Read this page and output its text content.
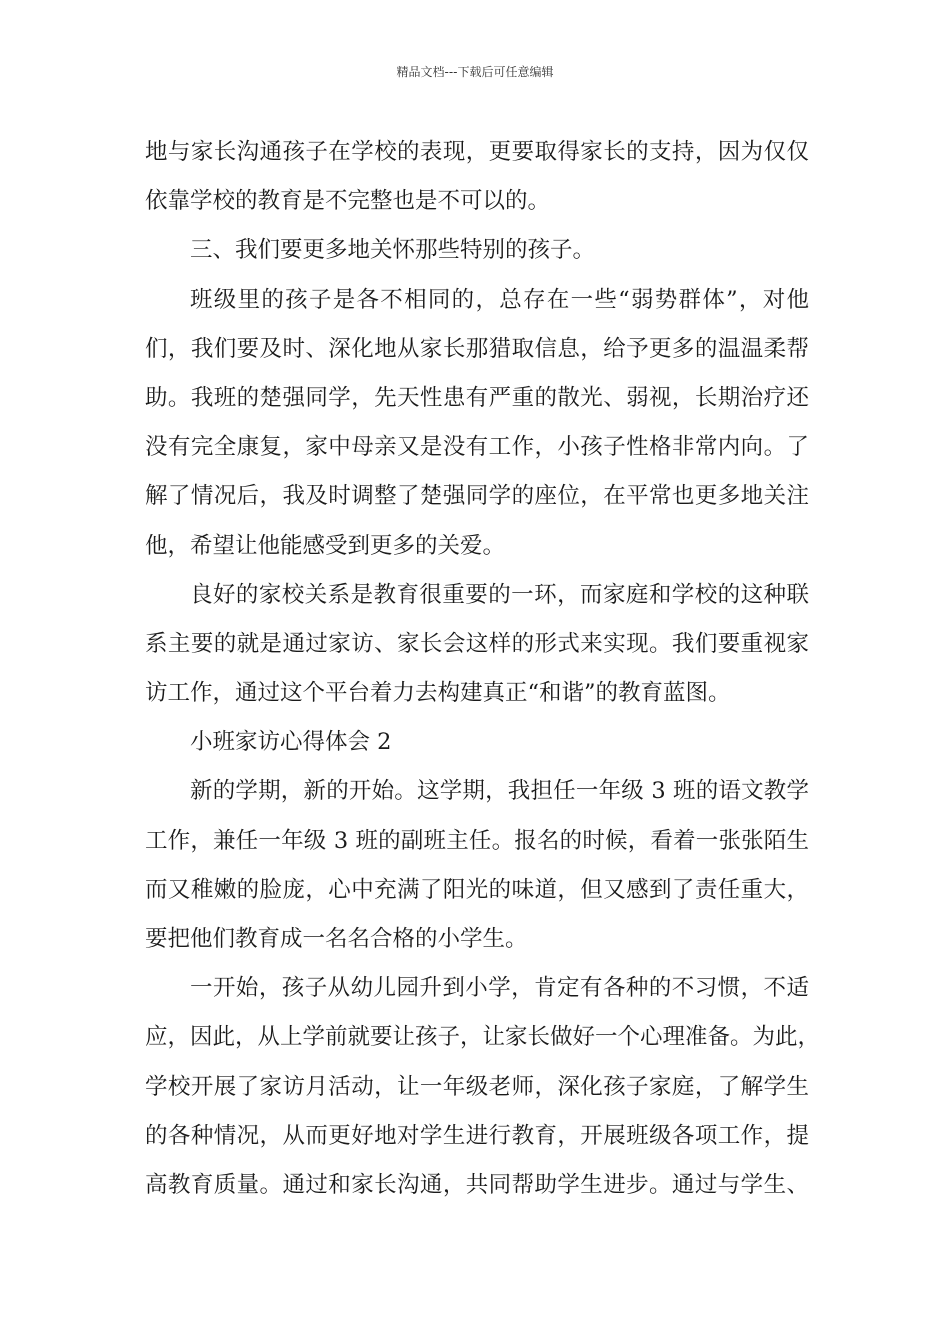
精品文档---下载后可任意编辑
地与家长沟通孩子在学校的表现，更要取得家长的支持，因为仅仅
依靠学校的教育是不完整也是不可以的。
三、我们要更多地关怀那些特别的孩子。
班级里的孩子是各不相同的，总存在一些“弱势群体”，对他
们，我们要及时、深化地从家长那猎取信息，给予更多的温温柔帮
助。我班的楚强同学，先天性患有严重的散光、弱视，长期治疗还
没有完全康复，家中母亲又是没有工作，小孩子性格非常内向。了
解了情况后，我及时调整了楚强同学的座位，在平常也更多地关注
他，希望让他能感受到更多的关爱。
良好的家校关系是教育很重要的一环，而家庭和学校的这种联
系主要的就是通过家访、家长会这样的形式来实现。我们要重视家
访工作，通过这个平台着力去构建真正“和谐”的教育蓝图。
小班家访心得体会 2
新的学期，新的开始。这学期，我担任一年级 3 班的语文教学
工作，兼任一年级 3 班的副班主任。报名的时候，看着一张张陌生
而又稚嫩的脸庞，心中充满了阳光的味道，但又感到了责任重大，
要把他们教育成一名名合格的小学生。
一开始，孩子从幼儿园升到小学，肯定有各种的不习惯，不适
应，因此，从上学前就要让孩子，让家长做好一个心理准备。为此，
学校开展了家访月活动，让一年级老师，深化孩子家庭，了解学生
的各种情况，从而更好地对学生进行教育，开展班级各项工作，提
高教育质量。通过和家长沟通，共同帮助学生进步。通过与学生、
